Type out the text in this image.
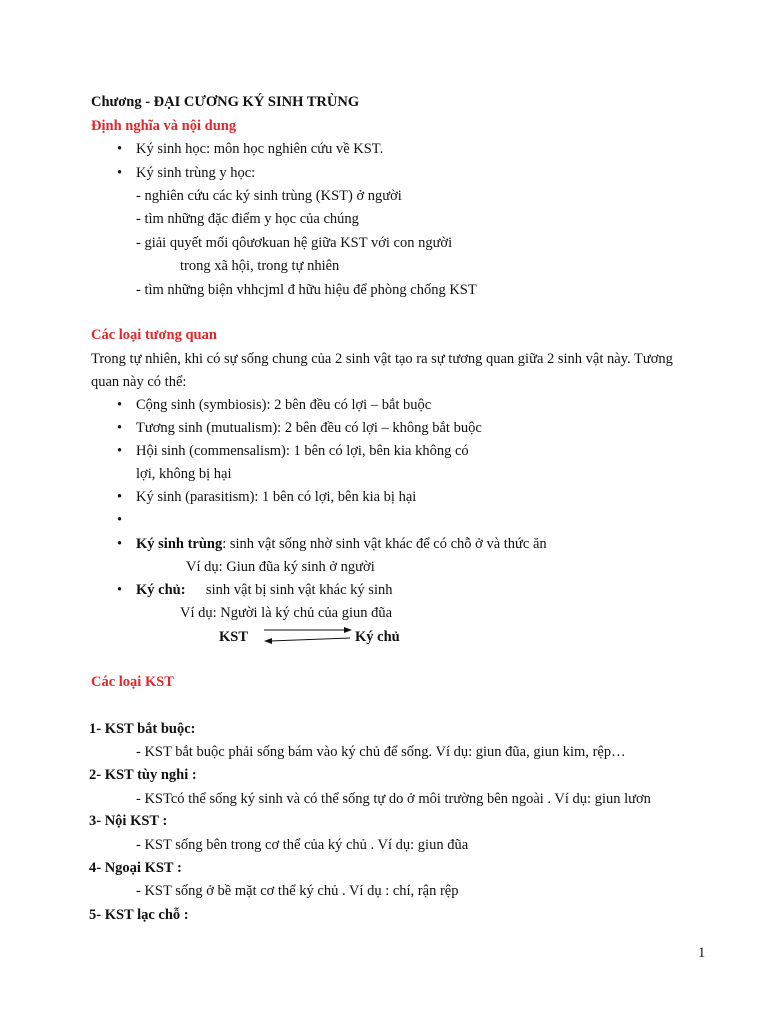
Chương - ĐẠI CƯƠNG KÝ SINH TRÙNG
Định nghĩa và nội dung
• Ký sinh học: môn học nghiên cứu về KST.
• Ký sinh trùng y học:
- nghiên cứu các ký sinh trùng (KST) ở người
- tìm những đặc điểm y học của chúng
- giải quyết mối qôươkuan hệ giữa KST với con người
trong xã hội, trong tự nhiên
- tìm những biện vhhcjml đ hữu hiệu để phòng chống KST
Các loại tương quan
Trong tự nhiên, khi có sự sống chung của 2 sinh vật tạo ra sự tương quan giữa 2 sinh vật này. Tương
quan này có thể:
• Cộng sinh (symbiosis): 2 bên đều có lợi – bắt buộc
• Tương sinh (mutualism): 2 bên đều có lợi – không bắt buộc
• Hội sinh (commensalism): 1 bên có lợi, bên kia không có
lợi, không bị hại
• Ký sinh (parasitism): 1 bên có lợi, bên kia bị hại
•
• Ký sinh trùng: sinh vật sống nhờ sinh vật khác để có chỗ ở và thức ăn
Ví dụ: Giun đũa ký sinh ở người
• Ký chủ: sinh vật bị sinh vật khác ký sinh
Ví dụ: Người là ký chủ của giun đũa
KST	Ký chủ
Các loại KST
1- KST bắt buộc:
- KST bắt buộc phải sống bám vào ký chủ để sống. Ví dụ: giun đũa, giun kim, rệp…
2- KST tùy nghi :
- KSTcó thể sống ký sinh và có thể sống tự do ở môi trường bên ngoài . Ví dụ: giun lươn
3- Nội KST :
- KST sống bên trong cơ thể của ký chủ . Ví dụ: giun đũa
4- Ngoại KST :
- KST sống ở bề mặt cơ thể ký chủ . Ví dụ : chí, rận rệp
5- KST lạc chỗ :
1
